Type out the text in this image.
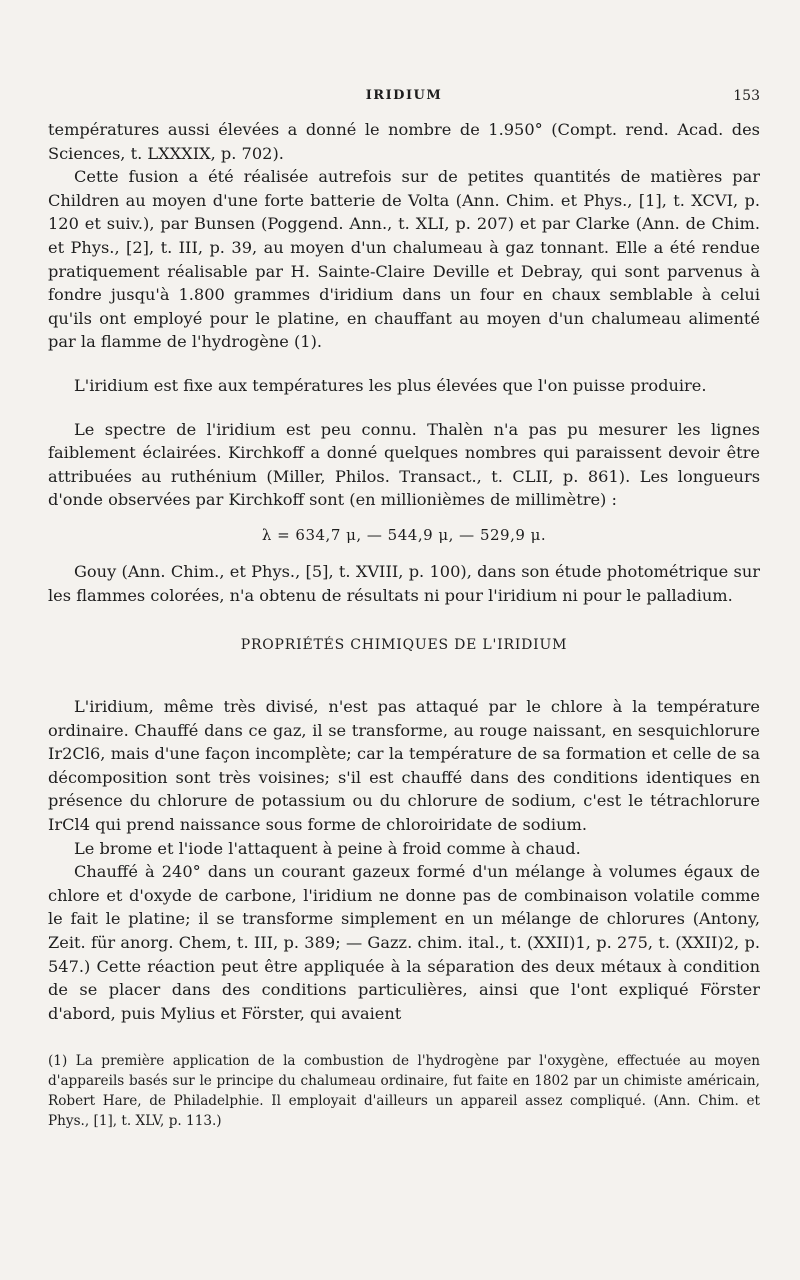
IRIDIUM	153

températures aussi élevées a donné le nombre de 1.950° (Compt. rend. Acad. des Sciences, t. LXXXIX, p. 702).

Cette fusion a été réalisée autrefois sur de petites quantités de matières par Children au moyen d'une forte batterie de Volta (Ann. Chim. et Phys., [1], t. XCVI, p. 120 et suiv.), par Bunsen (Poggend. Ann., t. XLI, p. 207) et par Clarke (Ann. de Chim. et Phys., [2], t. III, p. 39, au moyen d'un chalumeau à gaz tonnant. Elle a été rendue pratiquement réalisable par H. Sainte-Claire Deville et Debray, qui sont parvenus à fondre jusqu'à 1.800 grammes d'iridium dans un four en chaux semblable à celui qu'ils ont employé pour le platine, en chauffant au moyen d'un chalumeau alimenté par la flamme de l'hydrogène (1).

L'iridium est fixe aux températures les plus élevées que l'on puisse produire.

Le spectre de l'iridium est peu connu. Thalèn n'a pas pu mesurer les lignes faiblement éclairées. Kirchkoff a donné quelques nombres qui paraissent devoir être attribuées au ruthénium (Miller, Philos. Transact., t. CLII, p. 861). Les longueurs d'onde observées par Kirchkoff sont (en millionièmes de millimètre) :

λ = 634,7 μ, — 544,9 μ, — 529,9 μ.

Gouy (Ann. Chim., et Phys., [5], t. XVIII, p. 100), dans son étude photométrique sur les flammes colorées, n'a obtenu de résultats ni pour l'iridium ni pour le palladium.

PROPRIÉTÉS CHIMIQUES DE L'IRIDIUM

L'iridium, même très divisé, n'est pas attaqué par le chlore à la température ordinaire. Chauffé dans ce gaz, il se transforme, au rouge naissant, en sesquichlorure Ir2Cl6, mais d'une façon incomplète; car la température de sa formation et celle de sa décomposition sont très voisines; s'il est chauffé dans des conditions identiques en présence du chlorure de potassium ou du chlorure de sodium, c'est le tétrachlorure IrCl4 qui prend naissance sous forme de chloroiridate de sodium.

Le brome et l'iode l'attaquent à peine à froid comme à chaud.

Chauffé à 240° dans un courant gazeux formé d'un mélange à volumes égaux de chlore et d'oxyde de carbone, l'iridium ne donne pas de combinaison volatile comme le fait le platine; il se transforme simplement en un mélange de chlorures (Antony, Zeit. für anorg. Chem, t. III, p. 389; — Gazz. chim. ital., t. (XXII)1, p. 275, t. (XXII)2, p. 547.) Cette réaction peut être appliquée à la séparation des deux métaux à condition de se placer dans des conditions particulières, ainsi que l'ont expliqué Förster d'abord, puis Mylius et Förster, qui avaient

(1) La première application de la combustion de l'hydrogène par l'oxygène, effectuée au moyen d'appareils basés sur le principe du chalumeau ordinaire, fut faite en 1802 par un chimiste américain, Robert Hare, de Philadelphie. Il employait d'ailleurs un appareil assez compliqué. (Ann. Chim. et Phys., [1], t. XLV, p. 113.)
